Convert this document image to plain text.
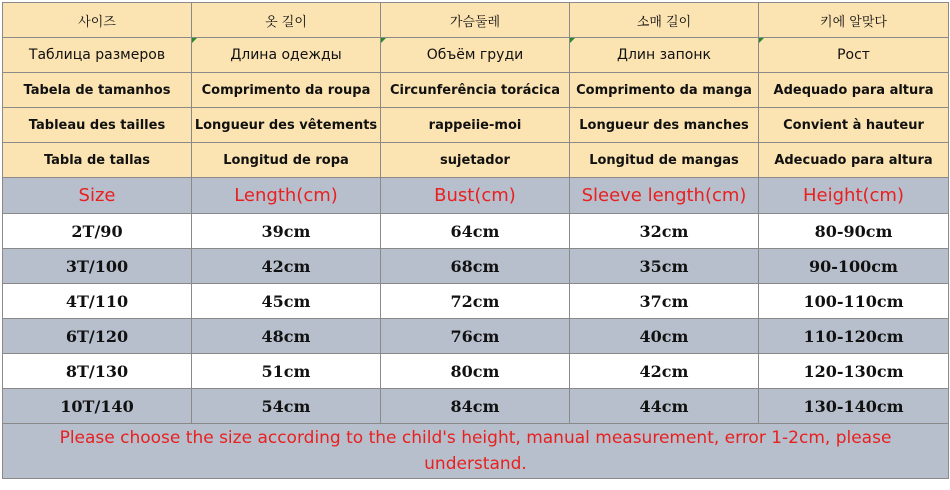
사이즈	옷 길이	가슴둘레	소매 길이	키에 알맞다
Таблица размеров	Длина одежды	Объём груди	Длин запонк	Рост
Tabela de tamanhos	Comprimento da roupa	Circunferência torácica	Comprimento da manga	Adequado para altura
Tableau des tailles	Longueur des vêtements	rappeiie-moi	Longueur des manches	Convient à hauteur
Tabla de tallas	Longitud de ropa	sujetador	Longitud de mangas	Adecuado para altura
Size	Length(cm)	Bust(cm)	Sleeve length(cm)	Height(cm)
2T/90	39cm	64cm	32cm	80-90cm
3T/100	42cm	68cm	35cm	90-100cm
4T/110	45cm	72cm	37cm	100-110cm
6T/120	48cm	76cm	40cm	110-120cm
8T/130	51cm	80cm	42cm	120-130cm
10T/140	54cm	84cm	44cm	130-140cm
Please choose the size according to the child's height, manual measurement, error 1-2cm, please understand.				
